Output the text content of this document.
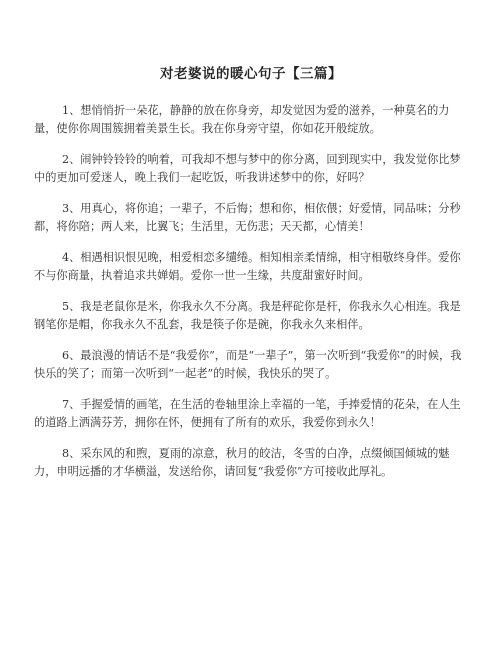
对老婆说的暖心句子【三篇】

1、想悄悄折一朵花，静静的放在你身旁，却发觉因为爱的滋养，一种莫名的力量，使你你周围簇拥着美景生长。我在你身旁守望，你如花开般绽放。

2、闹钟铃铃铃的响着，可我却不想与梦中的你分离，回到现实中，我发觉你比梦中的更加可爱迷人，晚上我们一起吃饭，听我讲述梦中的你，好吗？

3、用真心，将你追；一辈子，不后悔；想和你，相依偎；好爱情，同品味；分秒都，将你陪；两人来，比翼飞；生活里，无伤悲；天天都，心情美！

4、相遇相识恨见晚，相爱相恋多缱绻。相知相亲柔情绵，相守相敬终身伴。爱你不与你商量，执着追求共婵娟。爱你一世一生缘，共度甜蜜好时间。

5、我是老鼠你是米，你我永久不分离。我是秤砣你是杆，你我永久心相连。我是钢笔你是帽，你我永久不乱套，我是筷子你是碗，你我永久来相伴。

6、最浪漫的情话不是“我爱你”，而是“一辈子”，第一次听到“我爱你”的时候，我快乐的笑了；而第一次听到“一起老”的时候，我快乐的哭了。

7、手握爱情的画笔，在生活的卷轴里涂上幸福的一笔，手捧爱情的花朵，在人生的道路上洒满芬芳，拥你在怀，便拥有了所有的欢乐，我爱你到永久！

8、采东风的和煦，夏雨的凉意，秋月的皎洁，冬雪的白净，点缀倾国倾城的魅力，申明远播的才华横溢，发送给你，请回复“我爱你”方可接收此厚礼。
